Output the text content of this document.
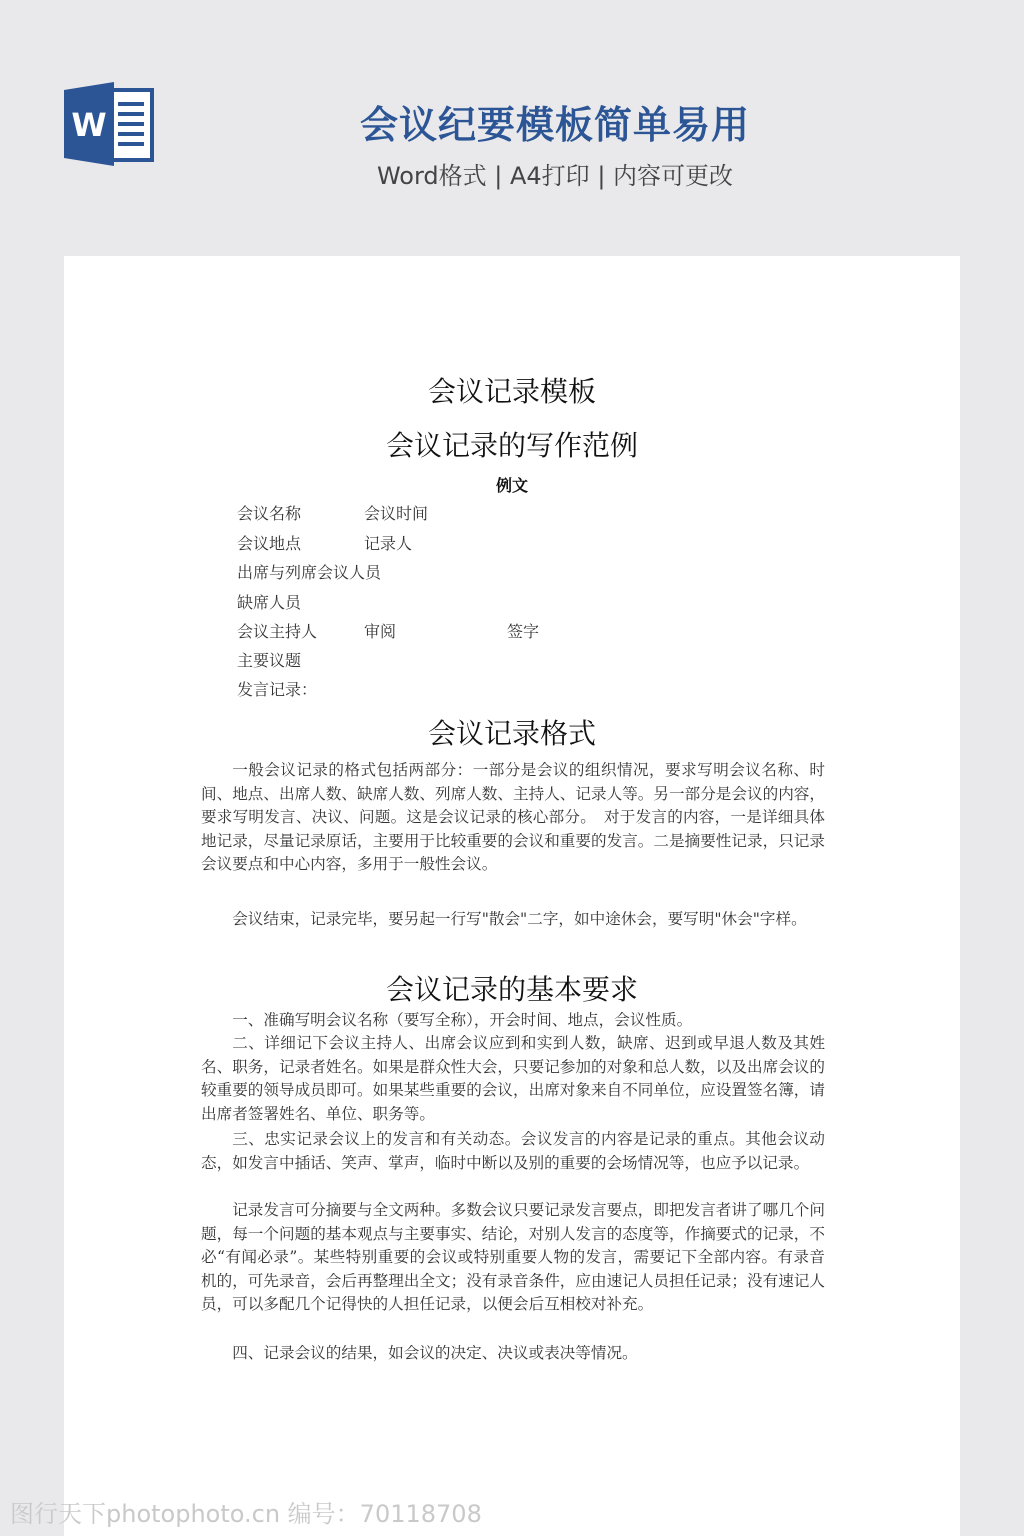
W	会议纪要模板简单易用
Word格式 | A4打印 | 内容可更改
会议记录模板
会议记录的写作范例
例文
会议名称	会议时间
会议地点	记录人
出席与列席会议人员
缺席人员
会议主持人	审阅	签字
主要议题
发言记录：
会议记录格式

一般会议记录的格式包括两部分：一部分是会议的组织情况，要求写明会议名称、时间、地点、出席人数、缺席人数、列席人数、主持人、记录人等。另一部分是会议的内容，要求写明发言、决议、问题。这是会议记录的核心部分。　对于发言的内容，一是详细具体地记录，尽量记录原话，主要用于比较重要的会议和重要的发言。二是摘要性记录，只记录会议要点和中心内容，多用于一般性会议。

会议结束，记录完毕，要另起一行写"散会"二字，如中途休会，要写明"休会"字样。

会议记录的基本要求

一、准确写明会议名称（要写全称），开会时间、地点，会议性质。

二、详细记下会议主持人、出席会议应到和实到人数，缺席、迟到或早退人数及其姓名、职务，记录者姓名。如果是群众性大会，只要记参加的对象和总人数，以及出席会议的较重要的领导成员即可。如果某些重要的会议，出席对象来自不同单位，应设置签名簿，请出席者签署姓名、单位、职务等。

三、忠实记录会议上的发言和有关动态。会议发言的内容是记录的重点。其他会议动态，如发言中插话、笑声、掌声，临时中断以及别的重要的会场情况等，也应予以记录。

记录发言可分摘要与全文两种。多数会议只要记录发言要点，即把发言者讲了哪几个问题，每一个问题的基本观点与主要事实、结论，对别人发言的态度等，作摘要式的记录，不必“有闻必录”。某些特别重要的会议或特别重要人物的发言，需要记下全部内容。有录音机的，可先录音，会后再整理出全文；没有录音条件，应由速记人员担任记录；没有速记人员，可以多配几个记得快的人担任记录，以便会后互相校对补充。

四、记录会议的结果，如会议的决定、决议或表决等情况。

图行天下photophoto.cn 编号：70118708
